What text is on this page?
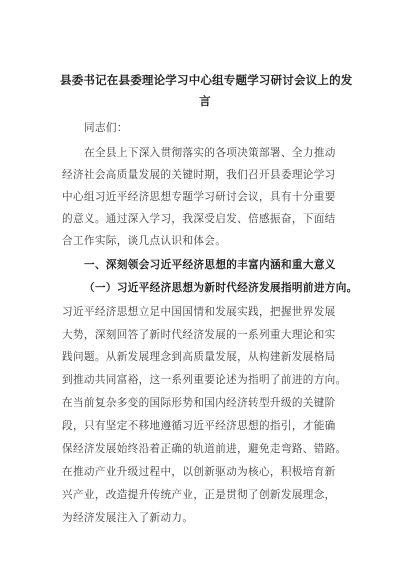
县委书记在县委理论学习中心组专题学习研讨会议上的发
言
同志们：
在全县上下深入贯彻落实的各项决策部署、全力推动
经济社会高质量发展的关键时期，我们召开县委理论学习
中心组习近平经济思想专题学习研讨会议，具有十分重要
的意义。通过深入学习，我深受启发、倍感振奋，下面结
合工作实际，谈几点认识和体会。
一、深刻领会习近平经济思想的丰富内涵和重大意义
（一）习近平经济思想为新时代经济发展指明前进方向。
习近平经济思想立足中国国情和发展实践，把握世界发展
大势，深刻回答了新时代经济发展的一系列重大理论和实
践问题。从新发展理念到高质量发展，从构建新发展格局
到推动共同富裕，这一系列重要论述为指明了前进的方向。
在当前复杂多变的国际形势和国内经济转型升级的关键阶
段，只有坚定不移地遵循习近平经济思想的指引，才能确
保经济发展始终沿着正确的轨道前进，避免走弯路、错路。
在推动产业升级过程中，以创新驱动为核心，积极培育新
兴产业，改造提升传统产业，正是贯彻了创新发展理念，
为经济发展注入了新动力。
